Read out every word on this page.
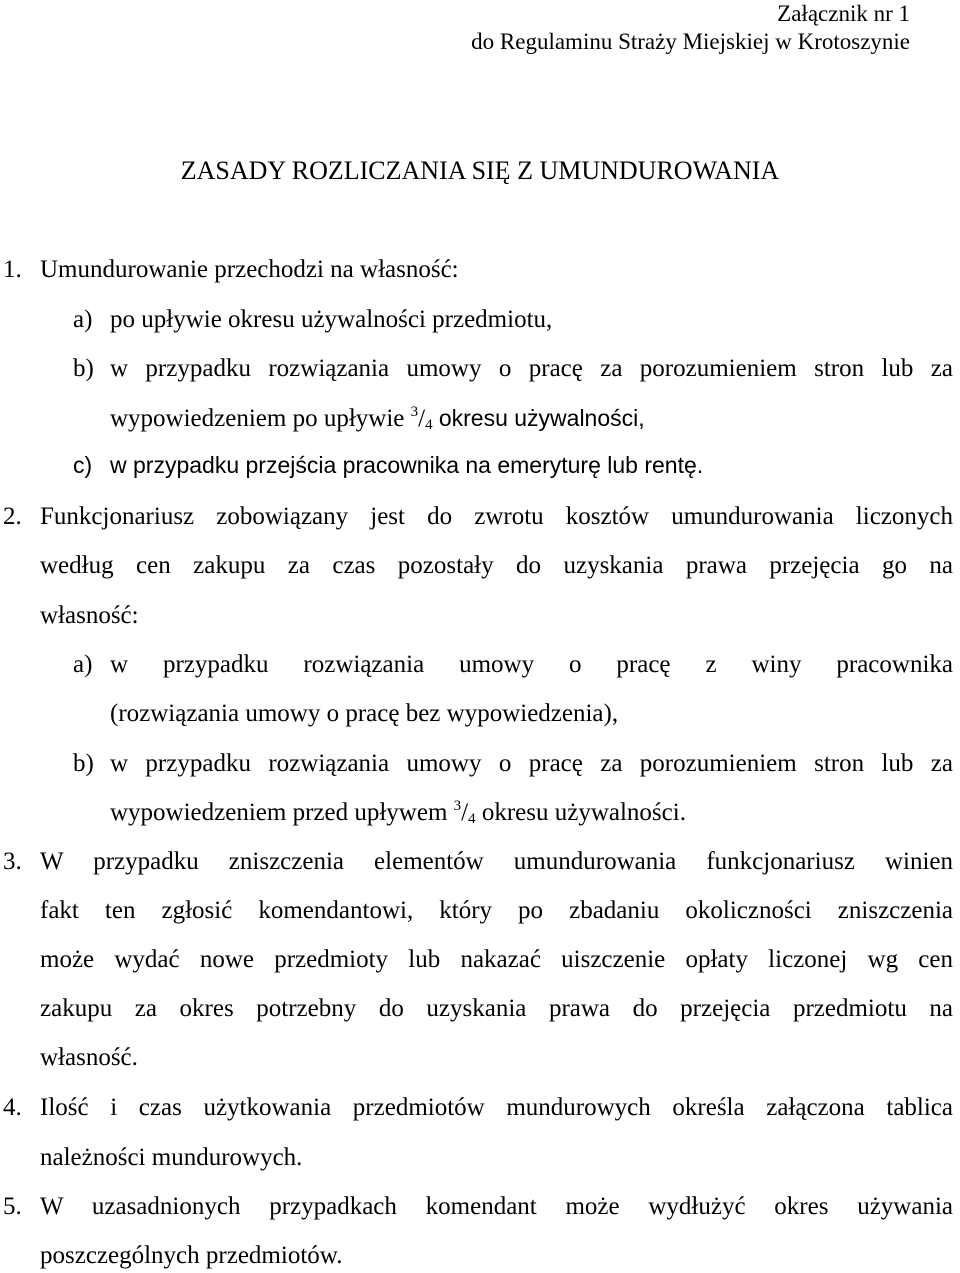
Załącznik nr 1
do Regulaminu Straży Miejskiej w Krotoszynie
ZASADY ROZLICZANIA SIĘ Z UMUNDUROWANIA
1. Umundurowanie przechodzi na własność:
a) po upływie okresu używalności przedmiotu,
b) w przypadku rozwiązania umowy o pracę za porozumieniem stron lub za
wypowiedzeniem po upływie $^3/_4$ okresu używalności,
c) w przypadku przejścia pracownika na emeryturę lub rentę.
2. Funkcjonariusz zobowiązany jest do zwrotu kosztów umundurowania liczonych
według cen zakupu za czas pozostały do uzyskania prawa przejęcia go na
własność:
a) w przypadku rozwiązania umowy o pracę z winy pracownika
(rozwiązania umowy o pracę bez wypowiedzenia),
b) w przypadku rozwiązania umowy o pracę za porozumieniem stron lub za
wypowiedzeniem przed upływem $^3/_4$ okresu używalności.
3. W przypadku zniszczenia elementów umundurowania funkcjonariusz winien
fakt ten zgłosić komendantowi, który po zbadaniu okoliczności zniszczenia
może wydać nowe przedmioty lub nakazać uiszczenie opłaty liczonej wg cen
zakupu za okres potrzebny do uzyskania prawa do przejęcia przedmiotu na
własność.
4. Ilość i czas użytkowania przedmiotów mundurowych określa załączona tablica
należności mundurowych.
5. W uzasadnionych przypadkach komendant może wydłużyć okres używania
poszczególnych przedmiotów.
